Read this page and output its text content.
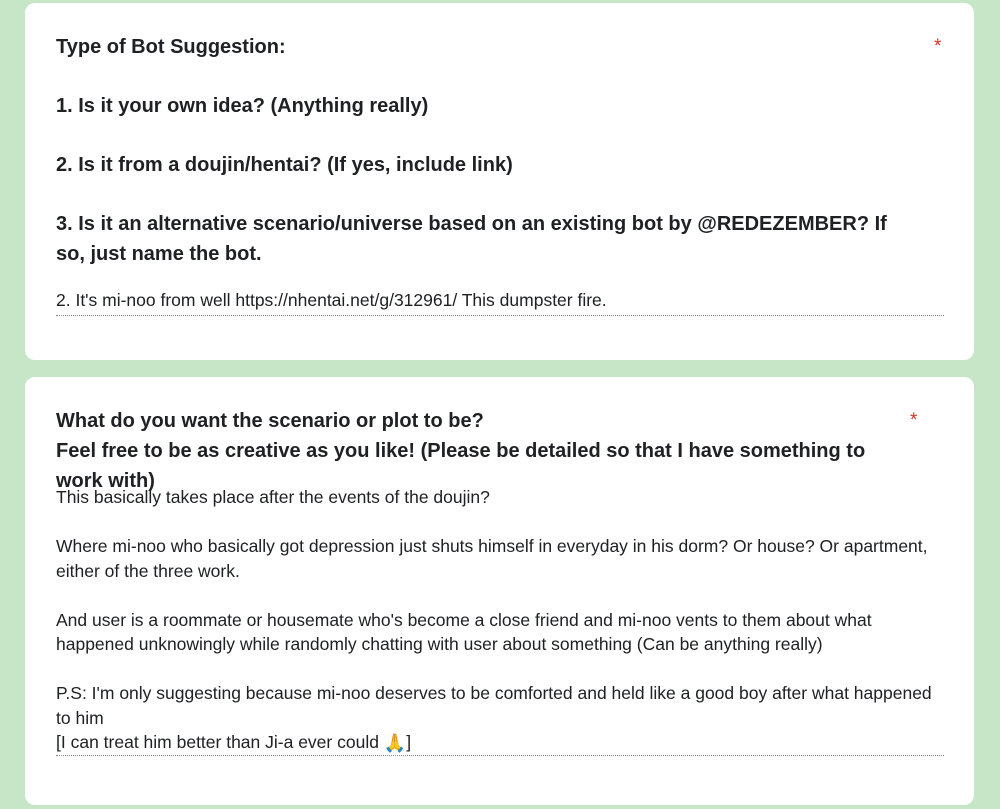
Type of Bot Suggestion:

1. Is it your own idea? (Anything really)

2. Is it from a doujin/hentai? (If yes, include link)

3. Is it an alternative scenario/universe based on an existing bot by @REDEZEMBER? If so, just name the bot.

*
2. It's mi-noo from well https://nhentai.net/g/312961/ This dumpster fire.

What do you want the scenario or plot to be?

Feel free to be as creative as you like! (Please be detailed so that I have something to work with)

*

This basically takes place after the events of the doujin?

Where mi-noo who basically got depression just shuts himself in everyday in his dorm? Or house? Or apartment, either of the three work.

And user is a roommate or housemate who's become a close friend and mi-noo vents to them about what happened unknowingly while randomly chatting with user about something (Can be anything really)

P.S: I'm only suggesting because mi-noo deserves to be comforted and held like a good boy after what happened to him

[I can treat him better than Ji-a ever could 🙏]
